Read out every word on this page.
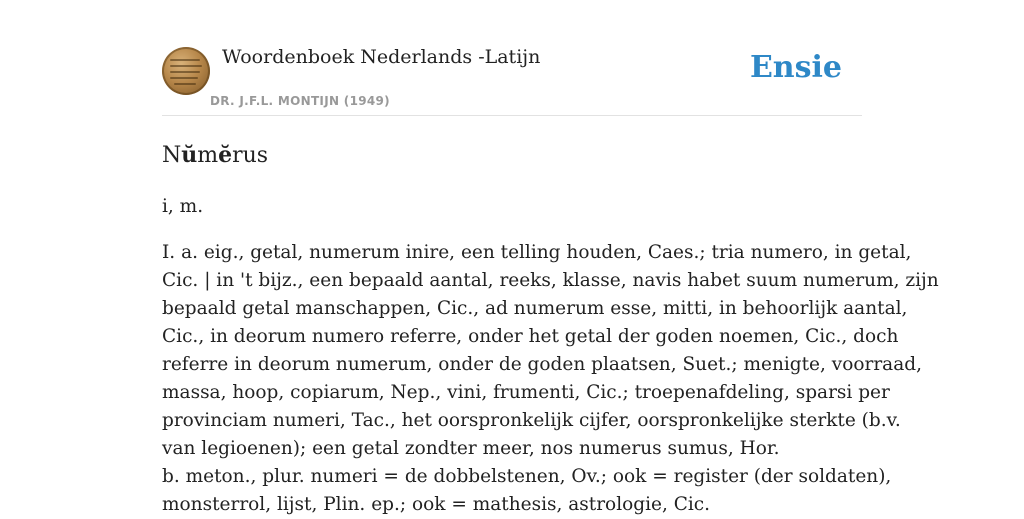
Woordenboek Nederlands -Latijn
DR. J.F.L. MONTIJN (1949)
Ensie
Nŭmĕrus

i, m.

I. a. eig., getal, numerum inire, een telling houden, Caes.; tria numero, in getal,
Cic. | in 't bijz., een bepaald aantal, reeks, klasse, navis habet suum numerum, zijn
bepaald getal manschappen, Cic., ad numerum esse, mitti, in behoorlijk aantal,
Cic., in deorum numero referre, onder het getal der goden noemen, Cic., doch
referre in deorum numerum, onder de goden plaatsen, Suet.; menigte, voorraad,
massa, hoop, copiarum, Nep., vini, frumenti, Cic.; troepenafdeling, sparsi per
provinciam numeri, Tac., het oorspronkelijk cijfer, oorspronkelijke sterkte (b.v.
van legioenen); een getal zondter meer, nos numerus sumus, Hor.
b. meton., plur. numeri = de dobbelstenen, Ov.; ook = register (der soldaten),
monsterrol, lijst, Plin. ep.; ook = mathesis, astrologie, Cic.
